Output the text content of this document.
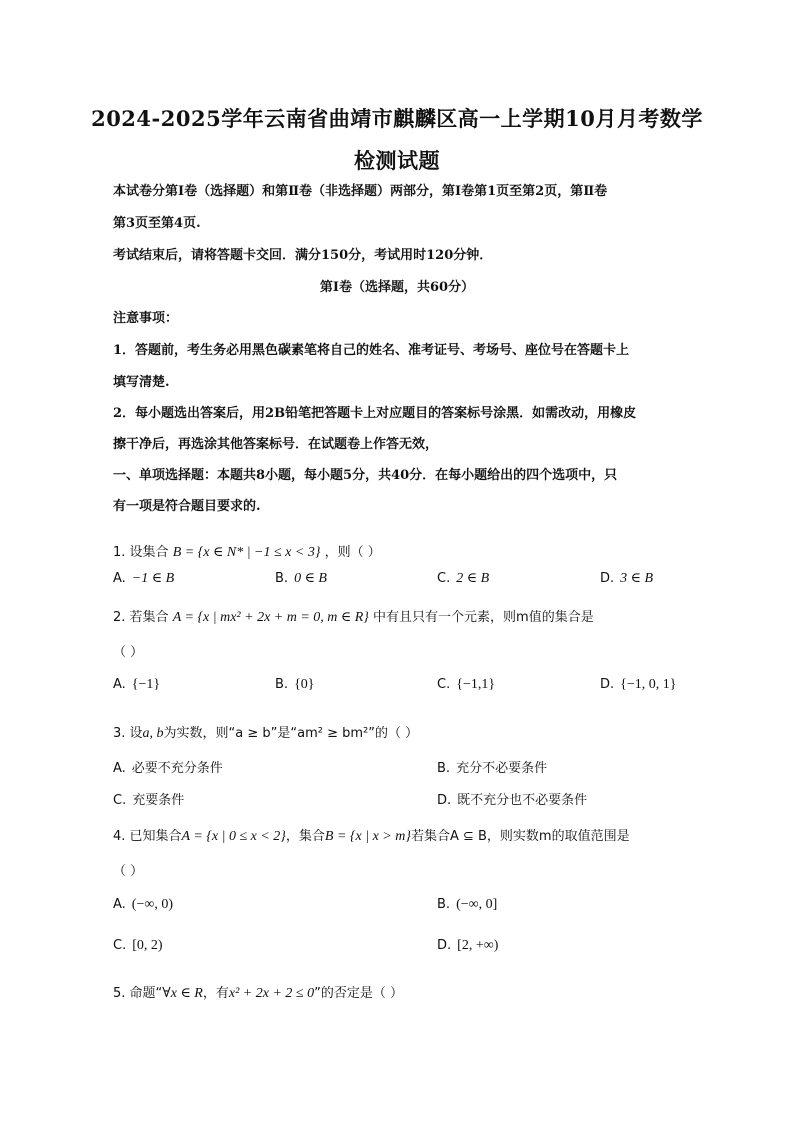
2024-2025学年云南省曲靖市麒麟区高一上学期10月月考数学
检测试题
本试卷分第Ⅰ卷（选择题）和第Ⅱ卷（非选择题）两部分，第Ⅰ卷第1页至第2页，第Ⅱ卷
第3页至第4页.
考试结束后，请将答题卡交回．满分150分，考试用时120分钟．
第Ⅰ卷（选择题，共60分）
注意事项：
1．答题前，考生务必用黑色碳素笔将自己的姓名、准考证号、考场号、座位号在答题卡上
填写清楚.
2．每小题选出答案后，用2B铅笔把答题卡上对应题目的答案标号涂黑．如需改动，用橡皮
擦干净后，再选涂其他答案标号．在试题卷上作答无效，
一、单项选择题：本题共8小题，每小题5分，共40分．在每小题给出的四个选项中，只
有一项是符合题目要求的.
1. 设集合 B = {x ∈ N* | −1 ≤ x < 3} ，则（ ）
A. −1 ∈ B	B. 0 ∈ B	C. 2 ∈ B	D. 3 ∈ B
2. 若集合 A = {x | mx² + 2x + m = 0, m ∈ R} 中有且只有一个元素，则m值的集合是
（ ）
A. {−1}	B. {0}	C. {−1,1}	D. {−1, 0, 1}
3. 设a, b为实数，则“a ≥ b”是“am² ≥ bm²”的（ ）
A. 必要不充分条件	B. 充分不必要条件
C. 充要条件	D. 既不充分也不必要条件
4. 已知集合A = {x | 0 ≤ x < 2}，集合B = {x | x > m}若集合A ⊆ B，则实数m的取值范围是
（ ）
A. (−∞, 0)	B. (−∞, 0]
C. [0, 2)	D. [2, +∞)
5. 命题“∀x ∈ R，有x² + 2x + 2 ≤ 0”的否定是（ ）
